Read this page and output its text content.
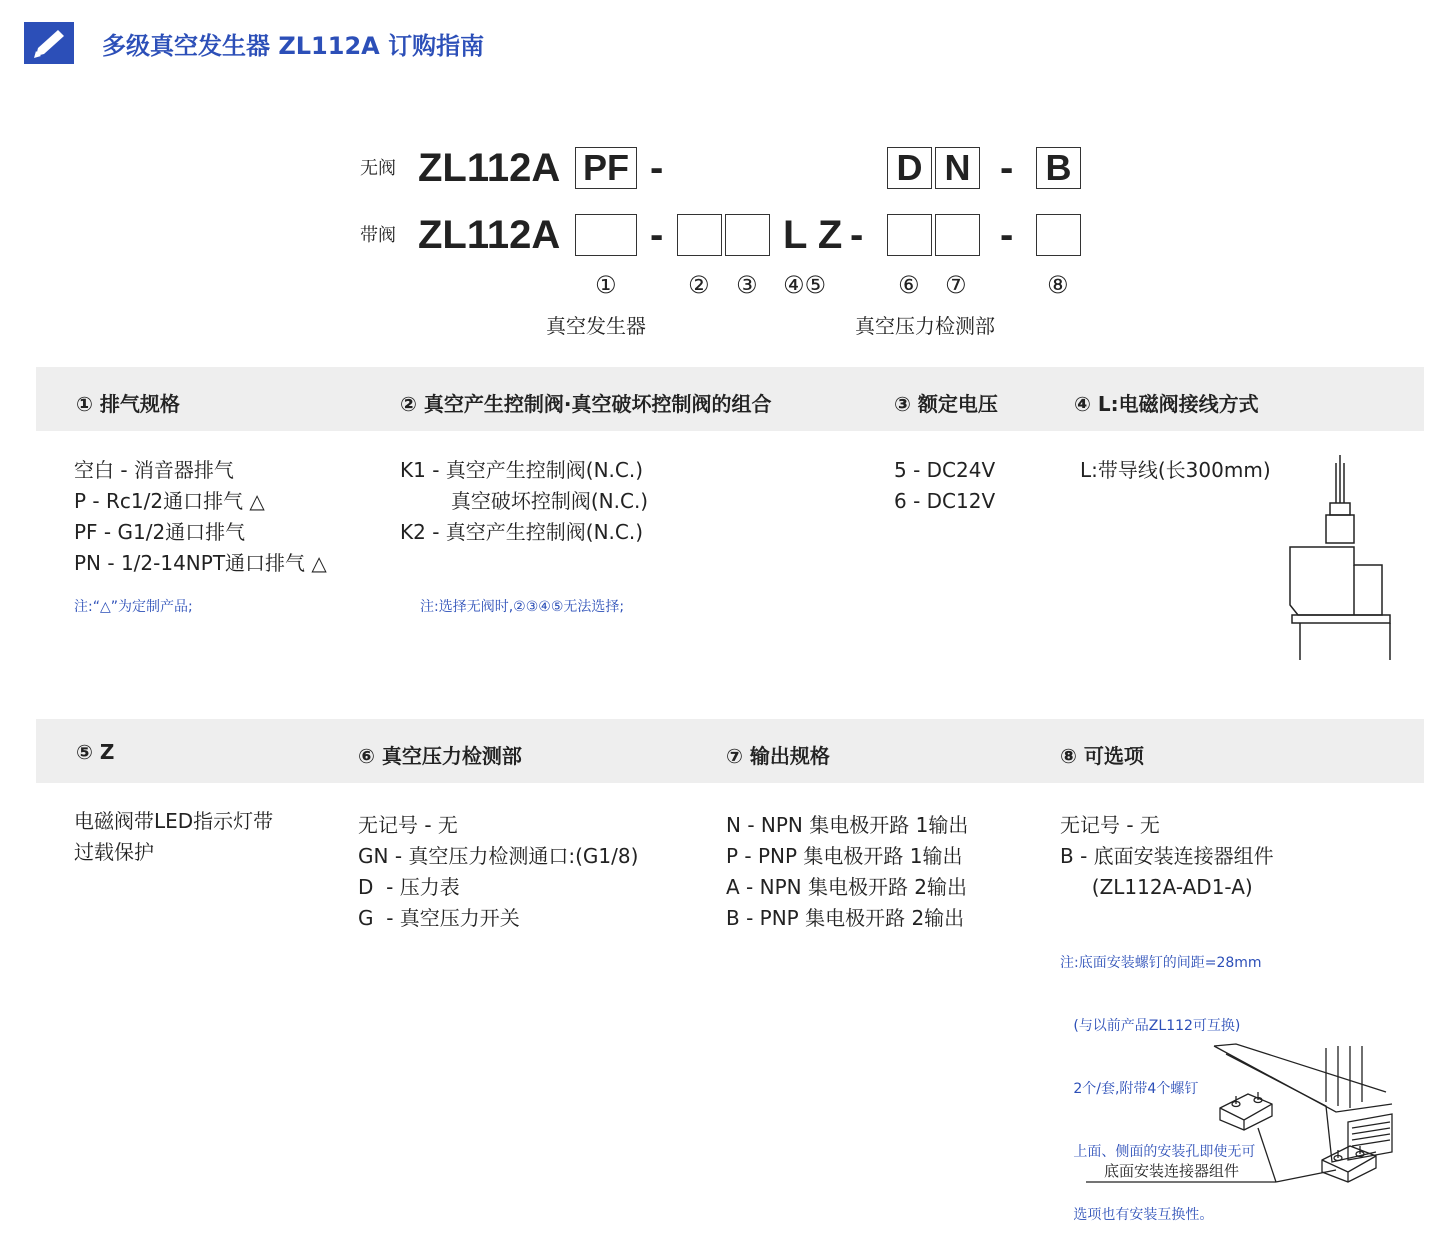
多级真空发生器 ZL112A 订购指南
无阀 ZL112A PF -	D N - B
带阀 ZL112A -	L Z -	-
①	② ③ ④⑤	⑥ ⑦	⑧
真空发生器	真空压力检测部
① 排气规格	② 真空产生控制阀·真空破坏控制阀的组合	③ 额定电压	④ L:电磁阀接线方式
空白 - 消音器排气
P - Rc1/2通口排气 △
PF - G1/2通口排气
PN - 1/2-14NPT通口排气 △
注:“△”为定制产品;
K1 - 真空产生控制阀(N.C.)
真空破坏控制阀(N.C.)
K2 - 真空产生控制阀(N.C.)
注:选择无阀时,②③④⑤无法选择;
5 - DC24V
6 - DC12V
L:带导线(长300mm)
⑤ Z	⑥ 真空压力检测部	⑦ 输出规格	⑧ 可选项
电磁阀带LED指示灯带
过载保护
无记号 - 无
GN - 真空压力检测通口:(G1/8)
D  - 压力表
G  - 真空压力开关
N - NPN 集电极开路 1输出
P - PNP 集电极开路 1输出
A - NPN 集电极开路 2输出
B - PNP 集电极开路 2输出
无记号 - 无
B - 底面安装连接器组件
(ZL112A-AD1-A)

注:底面安装螺钉的间距=28mm

(与以前产品ZL112可互换)

2个/套,附带4个螺钉

上面、侧面的安装孔即使无可

选项也有安装互换性。

底面安装连接器组件
